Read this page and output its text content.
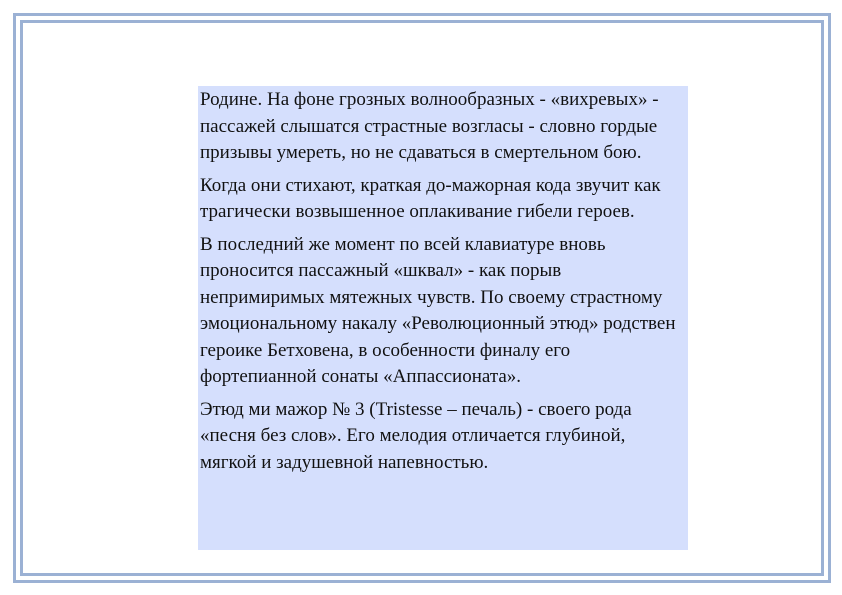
Родине. На фоне грозных волнообразных - «вихревых» - пассажей слышатся страстные возгласы - словно гордые призывы умереть, но не сдаваться в смертельном бою.

Когда они стихают, краткая до-мажорная кода звучит как трагически возвышенное оплакивание гибели героев.

В последний же момент по всей клавиатуре вновь проносится пассажный «шквал» - как порыв непримиримых мятежных чувств. По своему страстному эмоциональному накалу «Революционный этюд» родствен героике Бетховена, в особенности финалу его фортепианной сонаты «Аппассионата».

Этюд ми мажор № 3 (Tristesse – печаль) - своего рода «песня без слов». Его мелодия отличается глубиной, мягкой и задушевной напевностью.
